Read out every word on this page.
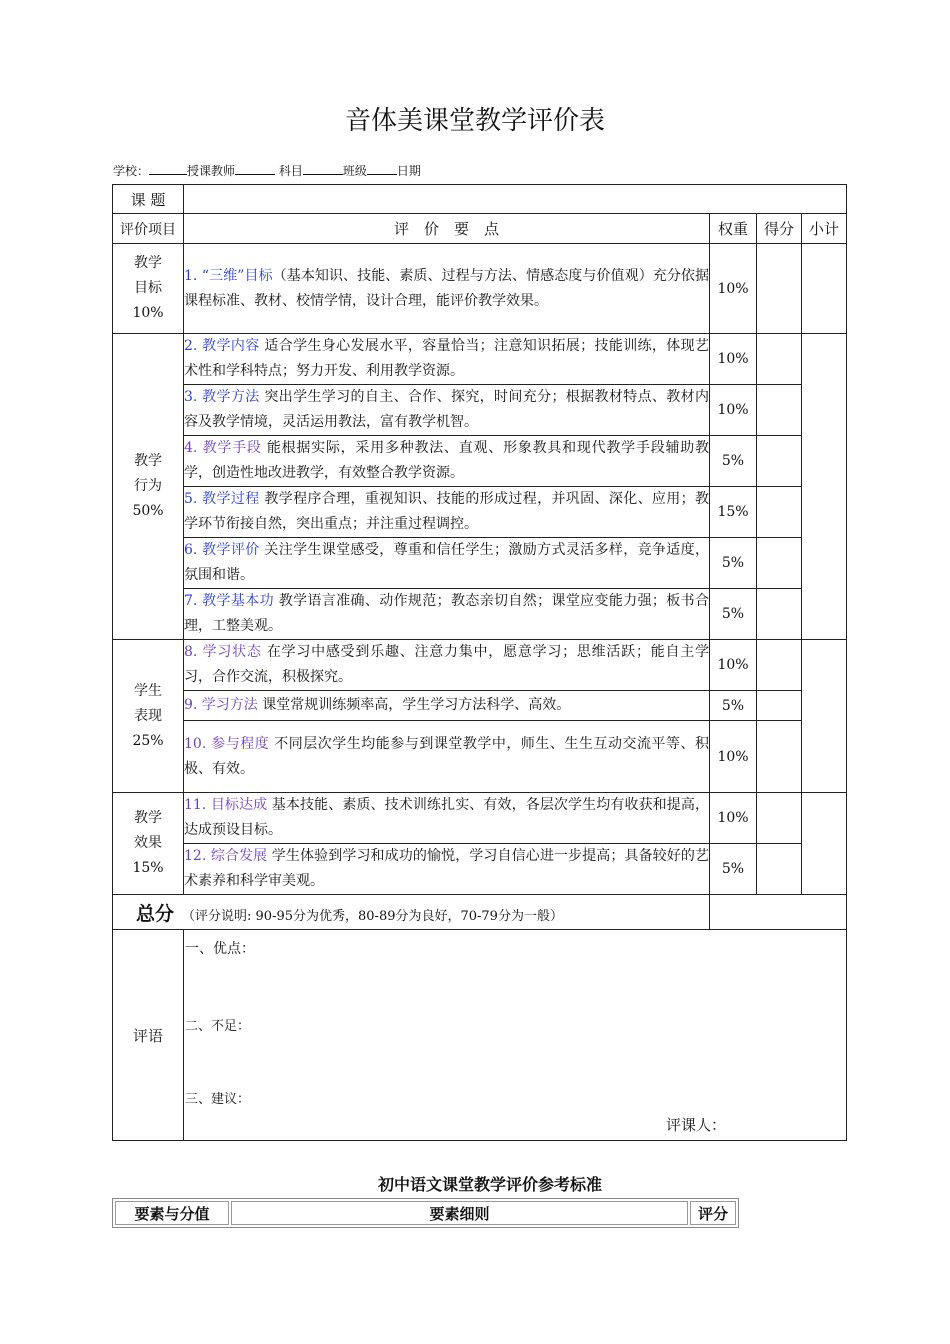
音体美课堂教学评价表
学校：	授课教师	科目	班级	日期
课 题				
评价项目	评　价　要　点	权重	得分	小计

教学
目标
10%	1. “三维”目标（基本知识、技能、素质、过程与方法、情感态度与价值观）充分依据课程标准、教材、校情学情，设计合理，能评价教学效果。	10%		

教学
行为
50%	2. 教学内容 适合学生身心发展水平，容量恰当；注意知识拓展；技能训练，体现艺术性和学科特点；努力开发、利用教学资源。	10%		
	3. 教学方法 突出学生学习的自主、合作、探究，时间充分；根据教材特点、教材内容及教学情境，灵活运用教法，富有教学机智。	10%		
	4. 教学手段 能根据实际，采用多种教法、直观、形象教具和现代教学手段辅助教学，创造性地改进教学，有效整合教学资源。	5%		
	5. 教学过程 教学程序合理，重视知识、技能的形成过程，并巩固、深化、应用；教学环节衔接自然，突出重点；并注重过程调控。	15%		
	6. 教学评价 关注学生课堂感受，尊重和信任学生；激励方式灵活多样，竞争适度，氛围和谐。	5%		
	7. 教学基本功 教学语言准确、动作规范；教态亲切自然；课堂应变能力强；板书合理，工整美观。	5%		

学生
表现
25%	8. 学习状态 在学习中感受到乐趣、注意力集中，愿意学习；思维活跃；能自主学习，合作交流，积极探究。	10%		
	9. 学习方法 课堂常规训练频率高，学生学习方法科学、高效。	5%		
	10. 参与程度 不同层次学生均能参与到课堂教学中，师生、生生互动交流平等、积极、有效。	10%		

教学
效果
15%	11. 目标达成 基本技能、素质、技术训练扎实、有效，各层次学生均有收获和提高，达成预设目标。	10%		
	12. 综合发展 学生体验到学习和成功的愉悦，学习自信心进一步提高；具备较好的艺术素养和科学审美观。	5%		
总分 （评分说明: 90-95分为优秀，80-89分为良好，70-79分为一般）				
评语	一、优点：
二、不足：
三、建议：
评课人：			
初中语文课堂教学评价参考标准
要素与分值	要素细则	评分
